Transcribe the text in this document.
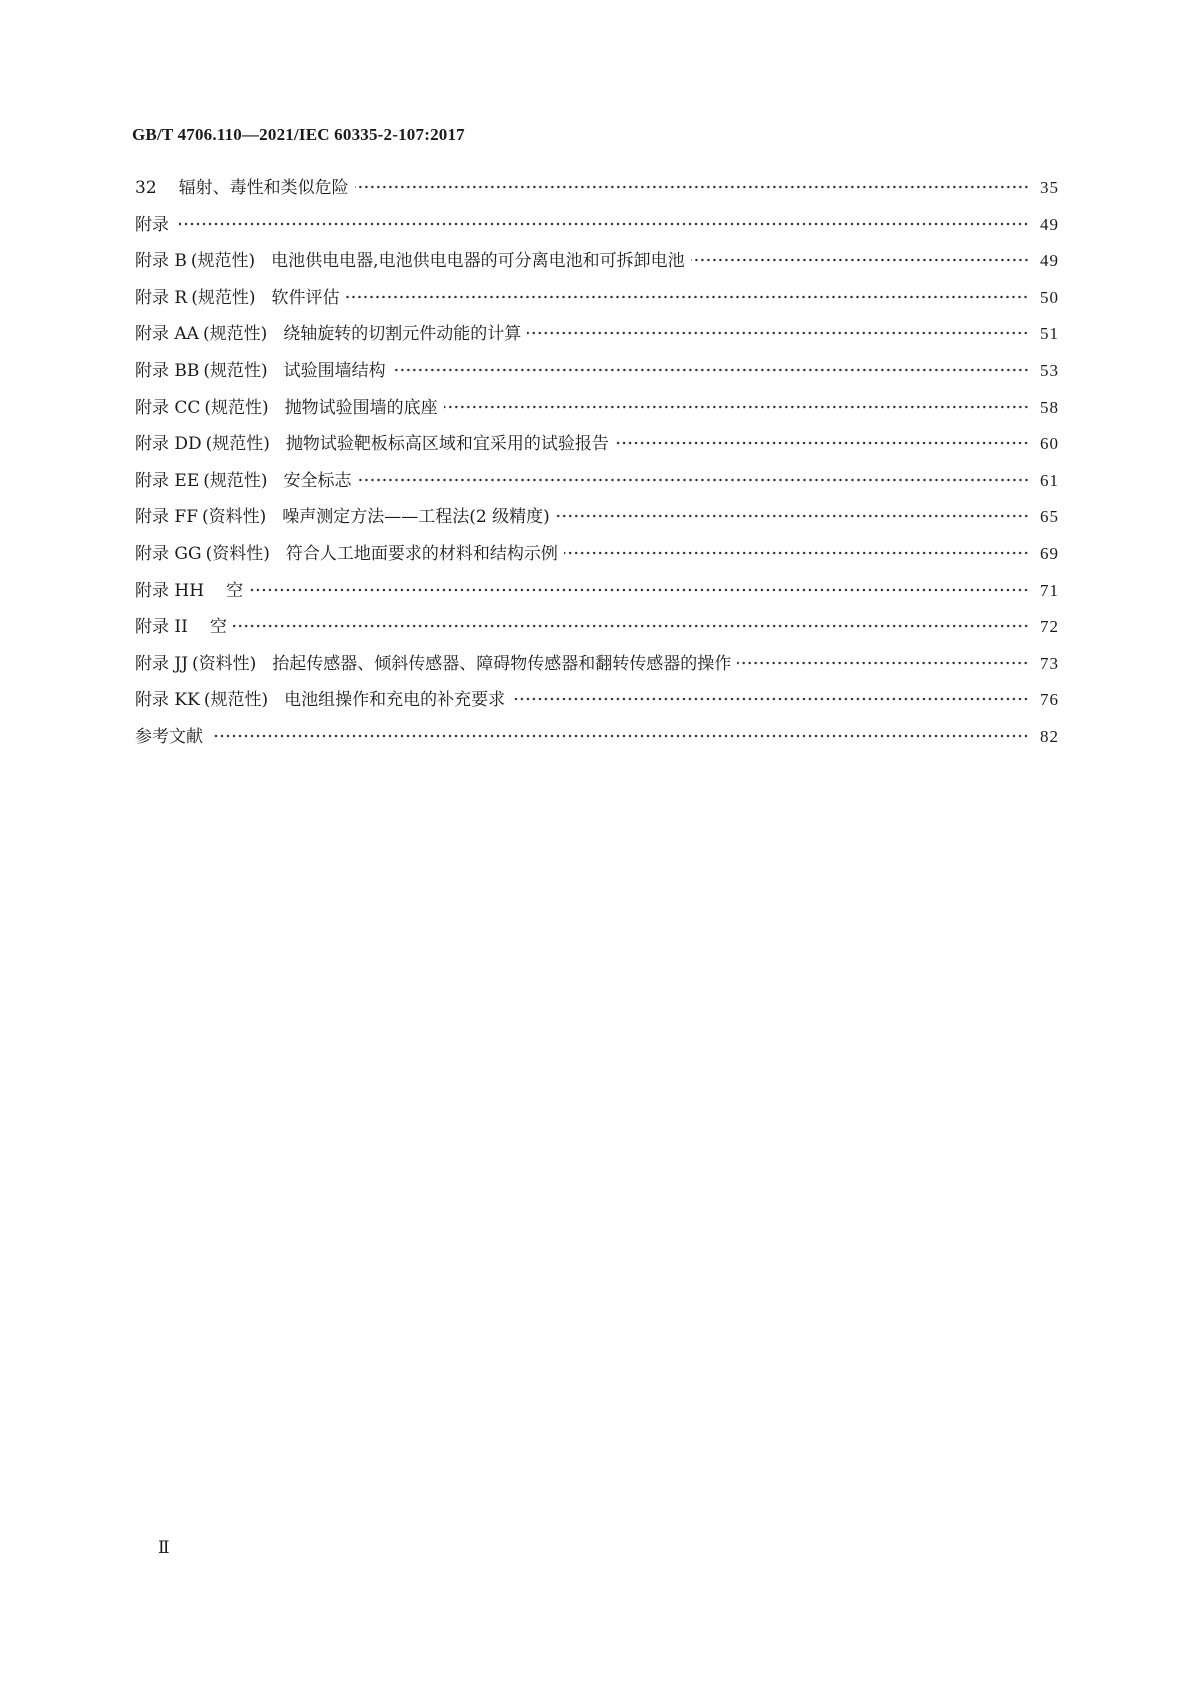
GB/T 4706.110—2021/IEC 60335-2-107:2017
32 辐射、毒性和类似危险	35
附录	49
附录 B (规范性) 电池供电电器,电池供电电器的可分离电池和可拆卸电池	49
附录 R (规范性) 软件评估	50
附录 AA (规范性) 绕轴旋转的切割元件动能的计算	51
附录 BB (规范性) 试验围墙结构	53
附录 CC (规范性) 抛物试验围墙的底座	58
附录 DD (规范性) 抛物试验靶板标高区域和宜采用的试验报告	60
附录 EE (规范性) 安全标志	61
附录 FF (资料性) 噪声测定方法——工程法(2 级精度)	65
附录 GG (资料性) 符合人工地面要求的材料和结构示例	69
附录 HH 空	71
附录 II 空	72
附录 JJ (资料性) 抬起传感器、倾斜传感器、障碍物传感器和翻转传感器的操作	73
附录 KK (规范性) 电池组操作和充电的补充要求	76
参考文献	82
Ⅱ
